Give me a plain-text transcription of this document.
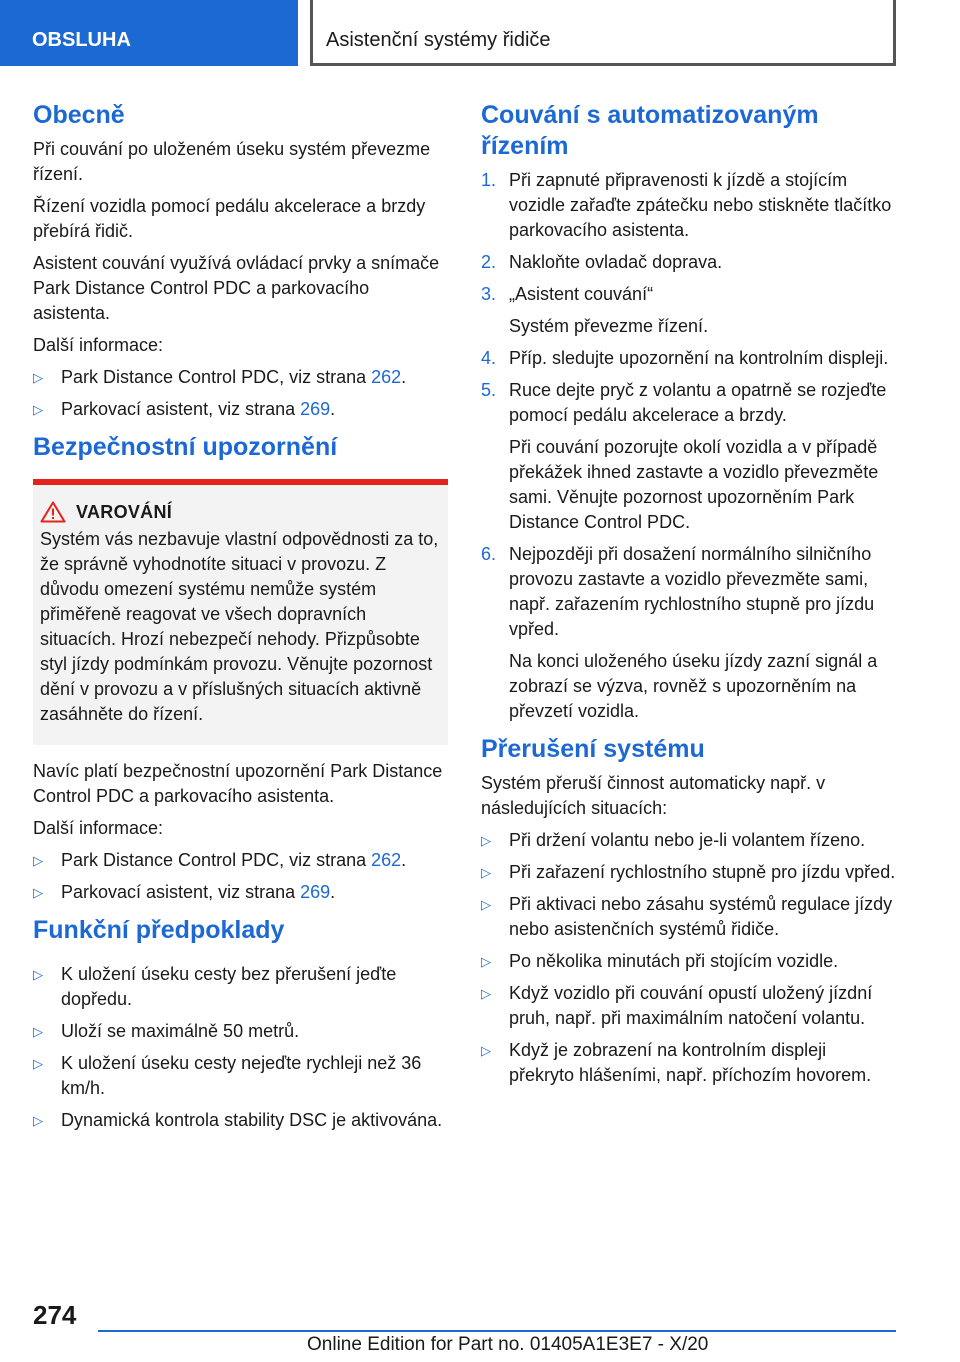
OBSLUHA	Asistenční systémy řidiče
Obecně

Při couvání po uloženém úseku systém převezme řízení.

Řízení vozidla pomocí pedálu akcelerace a brzdy přebírá řidič.

Asistent couvání využívá ovládací prvky a snímače Park Distance Control PDC a parkovacího asistenta.

Další informace:

▷ Park Distance Control PDC, viz strana 262.
▷ Parkovací asistent, viz strana 269.
Bezpečnostní upozornění
VAROVÁNÍ

Systém vás nezbavuje vlastní odpovědnosti za to, že správně vyhodnotíte situaci v provozu. Z důvodu omezení systému nemůže systém přiměřeně reagovat ve všech dopravních situacích. Hrozí nebezpečí nehody. Přizpůsobte styl jízdy podmínkám provozu. Věnujte pozornost dění v provozu a v příslušných situacích aktivně zasáhněte do řízení.

Navíc platí bezpečnostní upozornění Park Distance Control PDC a parkovacího asistenta.

Další informace:

▷ Park Distance Control PDC, viz strana 262.
▷ Parkovací asistent, viz strana 269.
Funkční předpoklady
▷ K uložení úseku cesty bez přerušení jeďte dopředu.
▷ Uloží se maximálně 50 metrů.
▷ K uložení úseku cesty nejeďte rychleji než 36 km/h.
▷ Dynamická kontrola stability DSC je aktivována.
Couvání s automatizovaným řízením
1. Při zapnuté připravenosti k jízdě a stojícím vozidle zařaďte zpátečku nebo stiskněte tlačítko parkovacího asistenta.
2. Nakloňte ovladač doprava.
3. „Asistent couvání“
Systém převezme řízení.
4. Příp. sledujte upozornění na kontrolním displeji.
5. Ruce dejte pryč z volantu a opatrně se rozjeďte pomocí pedálu akcelerace a brzdy.
Při couvání pozorujte okolí vozidla a v případě překážek ihned zastavte a vozidlo převezměte sami. Věnujte pozornost upozorněním Park Distance Control PDC.
6. Nejpozději při dosažení normálního silničního provozu zastavte a vozidlo převezměte sami, např. zařazením rychlostního stupně pro jízdu vpřed.
Na konci uloženého úseku jízdy zazní signál a zobrazí se výzva, rovněž s upozorněním na převzetí vozidla.
Přerušení systému

Systém přeruší činnost automaticky např. v následujících situacích:

▷ Při držení volantu nebo je-li volantem řízeno.
▷ Při zařazení rychlostního stupně pro jízdu vpřed.
▷ Při aktivaci nebo zásahu systémů regulace jízdy nebo asistenčních systémů řidiče.
▷ Po několika minutách při stojícím vozidle.
▷ Když vozidlo při couvání opustí uložený jízdní pruh, např. při maximálním natočení volantu.
▷ Když je zobrazení na kontrolním displeji překryto hlášeními, např. příchozím hovorem.
274
Online Edition for Part no. 01405A1E3E7 - X/20
